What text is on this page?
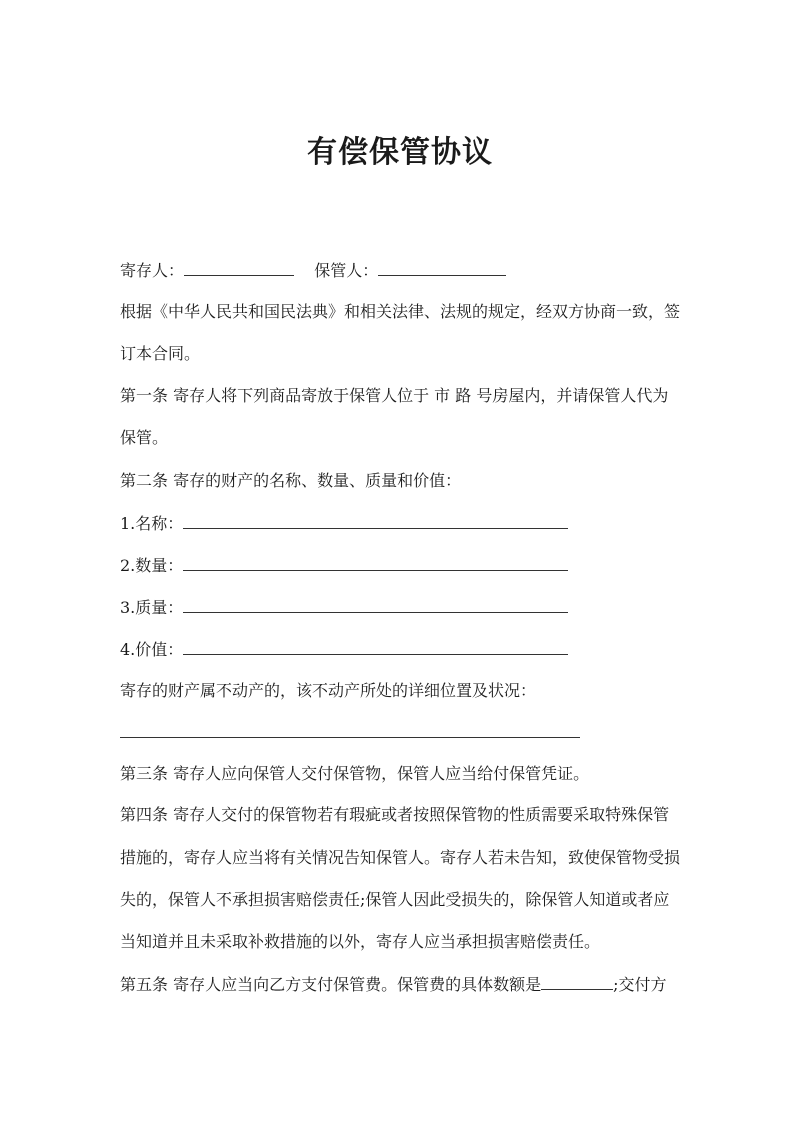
有偿保管协议
寄存人：	保管人：
根据《中华人民共和国民法典》和相关法律、法规的规定，经双方协商一致，签
订本合同。
第一条 寄存人将下列商品寄放于保管人位于 市 路 号房屋内，并请保管人代为
保管。
第二条 寄存的财产的名称、数量、质量和价值：
1.名称：
2.数量：
3.质量：
4.价值：
寄存的财产属不动产的，该不动产所处的详细位置及状况：
第三条 寄存人应向保管人交付保管物，保管人应当给付保管凭证。
第四条 寄存人交付的保管物若有瑕疵或者按照保管物的性质需要采取特殊保管
措施的，寄存人应当将有关情况告知保管人。寄存人若未告知，致使保管物受损
失的，保管人不承担损害赔偿责任;保管人因此受损失的，除保管人知道或者应
当知道并且未采取补救措施的以外，寄存人应当承担损害赔偿责任。
第五条 寄存人应当向乙方支付保管费。保管费的具体数额是	;交付方
